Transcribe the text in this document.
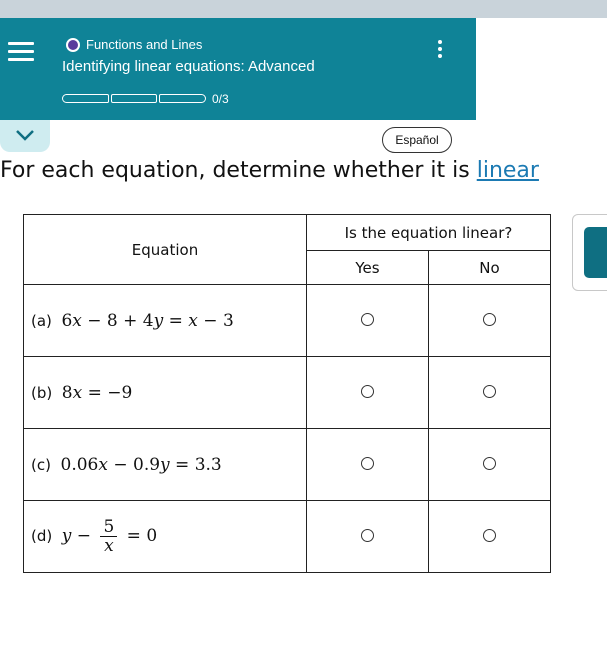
Functions and Lines
Identifying linear equations: Advanced
0/3
Español
For each equation, determine whether it is linear
Equation	Is the equation linear?	
	Yes	No
(a) 6x − 8 + 4y = x − 3		
(b) 8x = −9		
(c) 0.06x − 0.9y = 3.3		
(d) $y - \frac{5}{x} = 0$		
